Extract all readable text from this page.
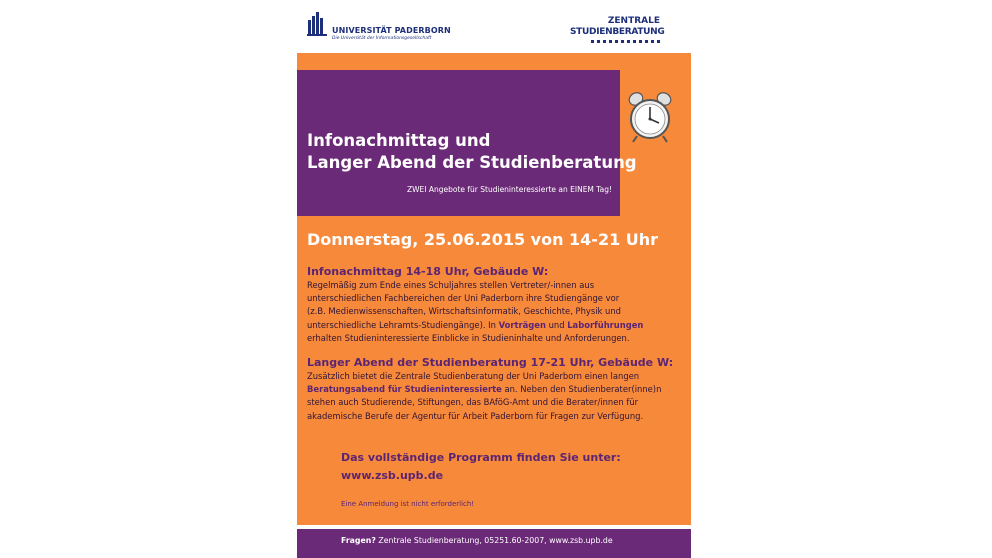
UNIVERSITÄT PADERBORN
Die Universität der Informationsgesellschaft
ZENTRALE
STUDIENBERATUNG
Infonachmittag und
Langer Abend der Studienberatung
ZWEI Angebote für Studieninteressierte an EINEM Tag!
Donnerstag, 25.06.2015 von 14-21 Uhr
Infonachmittag 14-18 Uhr, Gebäude W:
Regelmäßig zum Ende eines Schuljahres stellen Vertreter/-innen aus
unterschiedlichen Fachbereichen der Uni Paderborn ihre Studiengänge vor
(z.B. Medienwissenschaften, Wirtschaftsinformatik, Geschichte, Physik und
unterschiedliche Lehramts-Studiengänge). In Vorträgen und Laborführungen
erhalten Studieninteressierte Einblicke in Studieninhalte und Anforderungen.
Langer Abend der Studienberatung 17-21 Uhr, Gebäude W:
Zusätzlich bietet die Zentrale Studienberatung der Uni Paderborn einen langen
Beratungsabend für Studieninteressierte an. Neben den Studienberater(inne)n
stehen auch Studierende, Stiftungen, das BAföG-Amt und die Berater/innen für
akademische Berufe der Agentur für Arbeit Paderborn für Fragen zur Verfügung.
Das vollständige Programm finden Sie unter:
www.zsb.upb.de
Eine Anmeldung ist nicht erforderlich!
Fragen? Zentrale Studienberatung, 05251.60-2007, www.zsb.upb.de
